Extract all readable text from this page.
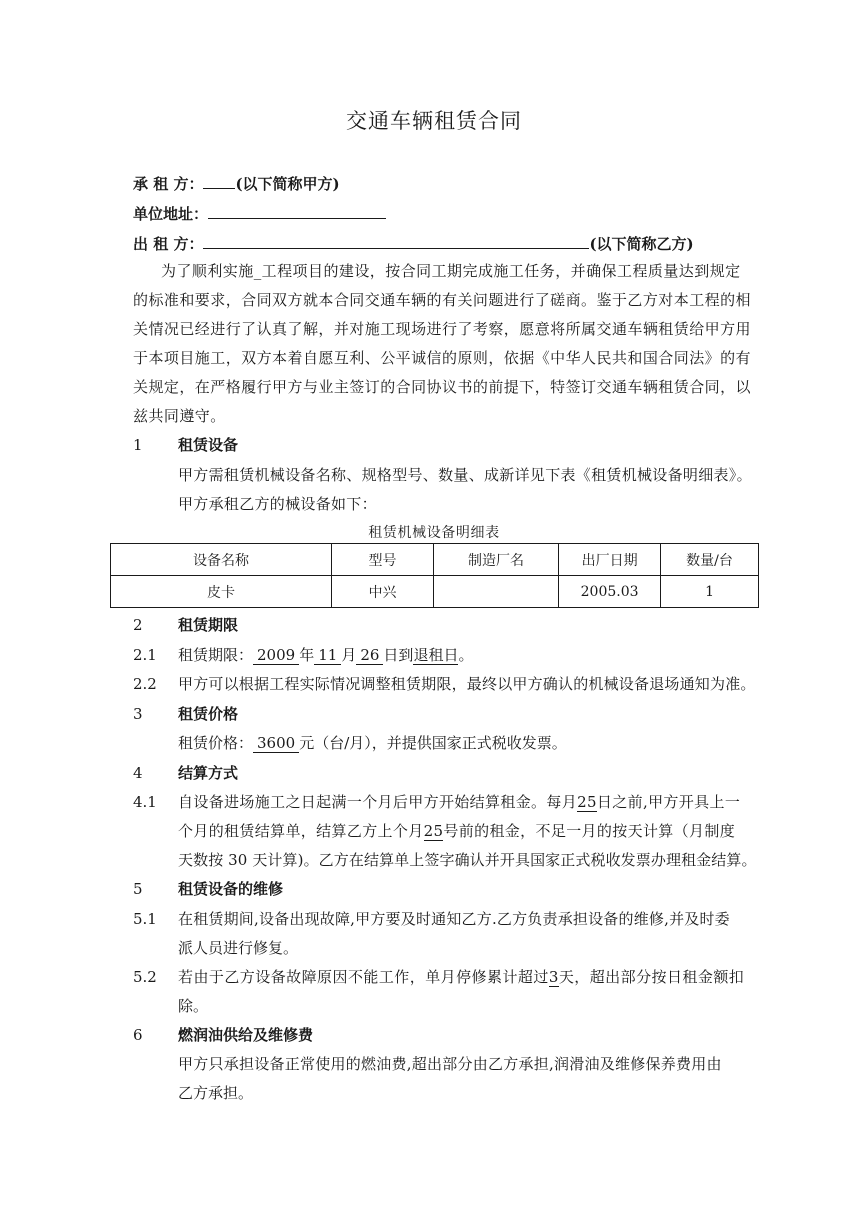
交通车辆租赁合同
承 租 方： (以下简称甲方)
单位地址：
出 租 方：	(以下简称乙方)
为了顺利实施_工程项目的建设，按合同工期完成施工任务，并确保工程质量达到规定
的标准和要求，合同双方就本合同交通车辆的有关问题进行了磋商。鉴于乙方对本工程的相
关情况已经进行了认真了解，并对施工现场进行了考察，愿意将所属交通车辆租赁给甲方用
于本项目施工，双方本着自愿互利、公平诚信的原则，依据《中华人民共和国合同法》的有
关规定，在严格履行甲方与业主签订的合同协议书的前提下，特签订交通车辆租赁合同，以
兹共同遵守。
1 租赁设备
甲方需租赁机械设备名称、规格型号、数量、成新详见下表《租赁机械设备明细表》。
甲方承租乙方的械设备如下：
租赁机械设备明细表
设备名称	型号	制造厂名	出厂日期	数量/台
皮卡	中兴		2005.03	1
2 租赁期限
2.1 租赁期限： 2009 年 11 月 26 日到退租日。
2.2 甲方可以根据工程实际情况调整租赁期限，最终以甲方确认的机械设备退场通知为准。
3 租赁价格
租赁价格： 3600 元（台/月），并提供国家正式税收发票。
4 结算方式
4.1 自设备进场施工之日起满一个月后甲方开始结算租金。每月25日之前,甲方开具上一
个月的租赁结算单，结算乙方上个月25号前的租金，不足一月的按天计算（月制度
天数按 30 天计算)。乙方在结算单上签字确认并开具国家正式税收发票办理租金结算。
5 租赁设备的维修
5.1 在租赁期间,设备出现故障,甲方要及时通知乙方.乙方负责承担设备的维修,并及时委
派人员进行修复。
5.2 若由于乙方设备故障原因不能工作，单月停修累计超过3天，超出部分按日租金额扣
除。
6 燃润油供给及维修费
甲方只承担设备正常使用的燃油费,超出部分由乙方承担,润滑油及维修保养费用由
乙方承担。
